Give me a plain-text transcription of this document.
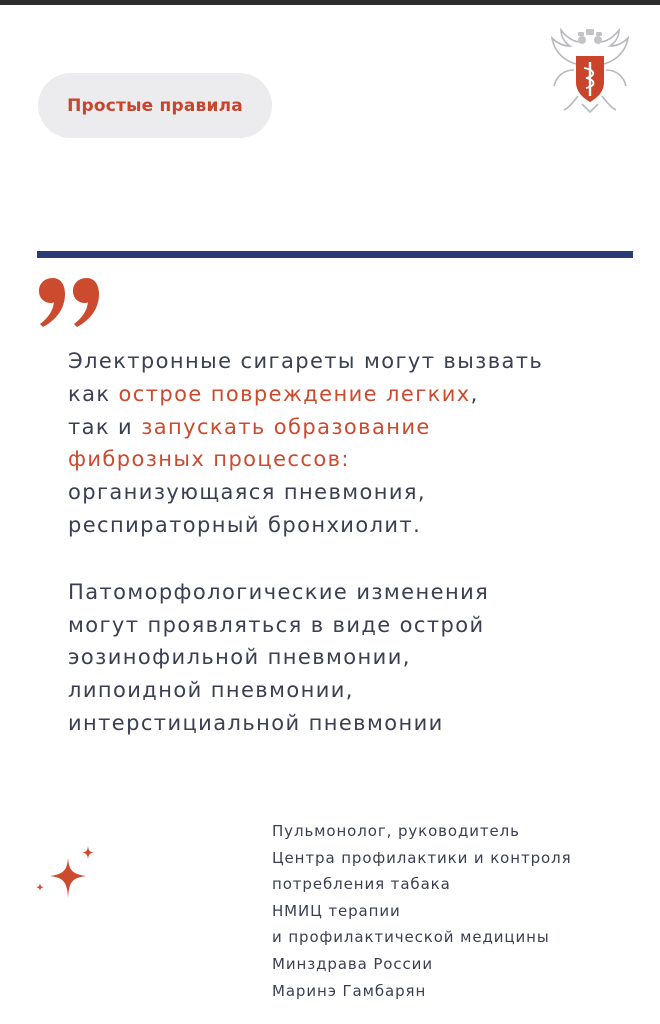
Простые правила

Электронные сигареты могут вызвать
как острое повреждение легких,
так и запускать образование
фиброзных процессов:
организующаяся пневмония,
респираторный бронхиолит.

Патоморфологические изменения
могут проявляться в виде острой
эозинофильной пневмонии,
липоидной пневмонии,
интерстициальной пневмонии

Пульмонолог, руководитель
Центра профилактики и контроля
потребления табака
НМИЦ терапии
и профилактической медицины
Минздрава России
Маринэ Гамбарян
